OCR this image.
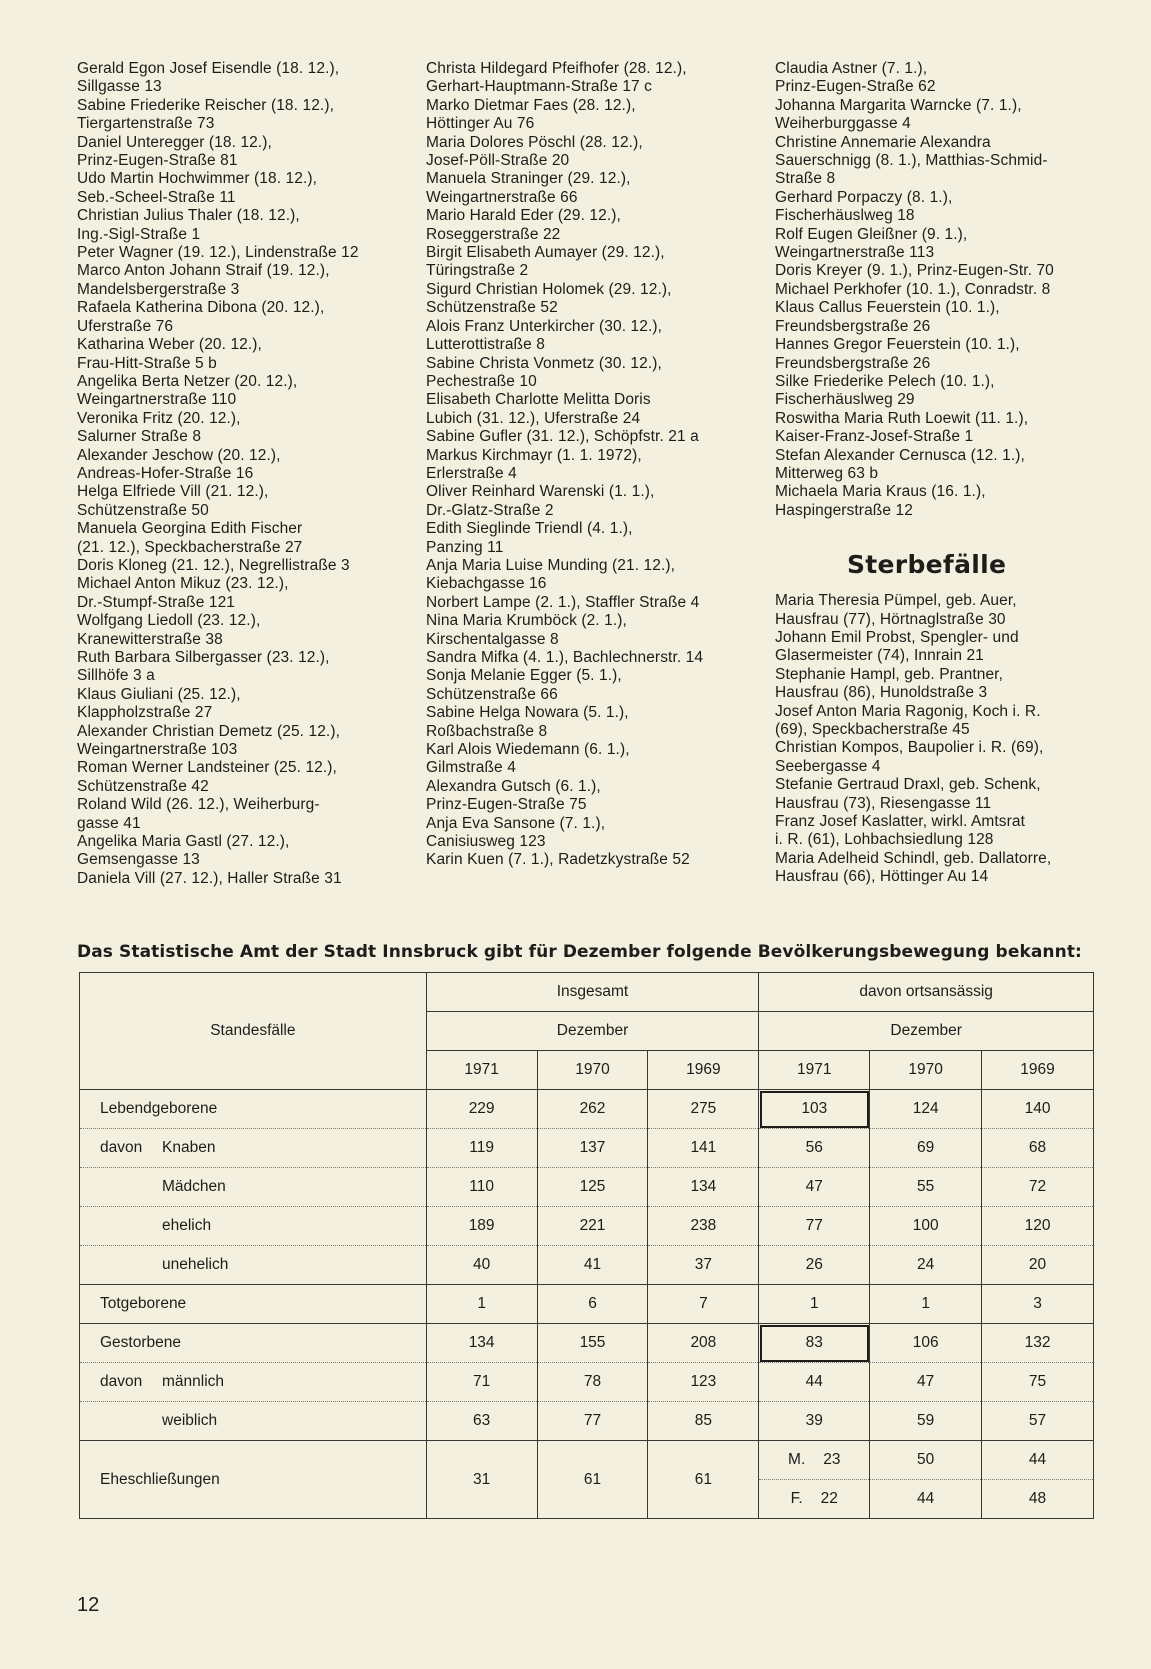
Gerald Egon Josef Eisendle (18. 12.),
Sillgasse 13
Sabine Friederike Reischer (18. 12.),
Tiergartenstraße 73
Daniel Unteregger (18. 12.),
Prinz-Eugen-Straße 81
Udo Martin Hochwimmer (18. 12.),
Seb.-Scheel-Straße 11
Christian Julius Thaler (18. 12.),
Ing.-Sigl-Straße 1
Peter Wagner (19. 12.), Lindenstraße 12
Marco Anton Johann Straif (19. 12.),
Mandelsbergerstraße 3
Rafaela Katherina Dibona (20. 12.),
Uferstraße 76
Katharina Weber (20. 12.),
Frau-Hitt-Straße 5 b
Angelika Berta Netzer (20. 12.),
Weingartnerstraße 110
Veronika Fritz (20. 12.),
Salurner Straße 8
Alexander Jeschow (20. 12.),
Andreas-Hofer-Straße 16
Helga Elfriede Vill (21. 12.),
Schützenstraße 50
Manuela Georgina Edith Fischer
(21. 12.), Speckbacherstraße 27
Doris Kloneg (21. 12.), Negrellistraße 3
Michael Anton Mikuz (23. 12.),
Dr.-Stumpf-Straße 121
Wolfgang Liedoll (23. 12.),
Kranewitterstraße 38
Ruth Barbara Silbergasser (23. 12.),
Sillhöfe 3 a
Klaus Giuliani (25. 12.),
Klappholzstraße 27
Alexander Christian Demetz (25. 12.),
Weingartnerstraße 103
Roman Werner Landsteiner (25. 12.),
Schützenstraße 42
Roland Wild (26. 12.), Weiherburg-
gasse 41
Angelika Maria Gastl (27. 12.),
Gemsengasse 13
Daniela Vill (27. 12.), Haller Straße 31
Christa Hildegard Pfeifhofer (28. 12.),
Gerhart-Hauptmann-Straße 17 c
Marko Dietmar Faes (28. 12.),
Höttinger Au 76
Maria Dolores Pöschl (28. 12.),
Josef-Pöll-Straße 20
Manuela Straninger (29. 12.),
Weingartnerstraße 66
Mario Harald Eder (29. 12.),
Roseggerstraße 22
Birgit Elisabeth Aumayer (29. 12.),
Türingstraße 2
Sigurd Christian Holomek (29. 12.),
Schützenstraße 52
Alois Franz Unterkircher (30. 12.),
Lutterottistraße 8
Sabine Christa Vonmetz (30. 12.),
Pechestraße 10
Elisabeth Charlotte Melitta Doris
Lubich (31. 12.), Uferstraße 24
Sabine Gufler (31. 12.), Schöpfstr. 21 a
Markus Kirchmayr (1. 1. 1972),
Erlerstraße 4
Oliver Reinhard Warenski (1. 1.),
Dr.-Glatz-Straße 2
Edith Sieglinde Triendl (4. 1.),
Panzing 11
Anja Maria Luise Munding (21. 12.),
Kiebachgasse 16
Norbert Lampe (2. 1.), Staffler Straße 4
Nina Maria Krumböck (2. 1.),
Kirschentalgasse 8
Sandra Mifka (4. 1.), Bachlechnerstr. 14
Sonja Melanie Egger (5. 1.),
Schützenstraße 66
Sabine Helga Nowara (5. 1.),
Roßbachstraße 8
Karl Alois Wiedemann (6. 1.),
Gilmstraße 4
Alexandra Gutsch (6. 1.),
Prinz-Eugen-Straße 75
Anja Eva Sansone (7. 1.),
Canisiusweg 123
Karin Kuen (7. 1.), Radetzkystraße 52
Claudia Astner (7. 1.),
Prinz-Eugen-Straße 62
Johanna Margarita Warncke (7. 1.),
Weiherburggasse 4
Christine Annemarie Alexandra
Sauerschnigg (8. 1.), Matthias-Schmid-
Straße 8
Gerhard Porpaczy (8. 1.),
Fischerhäuslweg 18
Rolf Eugen Gleißner (9. 1.),
Weingartnerstraße 113
Doris Kreyer (9. 1.), Prinz-Eugen-Str. 70
Michael Perkhofer (10. 1.), Conradstr. 8
Klaus Callus Feuerstein (10. 1.),
Freundsbergstraße 26
Hannes Gregor Feuerstein (10. 1.),
Freundsbergstraße 26
Silke Friederike Pelech (10. 1.),
Fischerhäuslweg 29
Roswitha Maria Ruth Loewit (11. 1.),
Kaiser-Franz-Josef-Straße 1
Stefan Alexander Cernusca (12. 1.),
Mitterweg 63 b
Michaela Maria Kraus (16. 1.),
Haspingerstraße 12
Sterbefälle
Maria Theresia Pümpel, geb. Auer,
Hausfrau (77), Hörtnaglstraße 30
Johann Emil Probst, Spengler- und
Glasermeister (74), Innrain 21
Stephanie Hampl, geb. Prantner,
Hausfrau (86), Hunoldstraße 3
Josef Anton Maria Ragonig, Koch i. R.
(69), Speckbacherstraße 45
Christian Kompos, Baupolier i. R. (69),
Seebergasse 4
Stefanie Gertraud Draxl, geb. Schenk,
Hausfrau (73), Riesengasse 11
Franz Josef Kaslatter, wirkl. Amtsrat
i. R. (61), Lohbachsiedlung 128
Maria Adelheid Schindl, geb. Dallatorre,
Hausfrau (66), Höttinger Au 14
Das Statistische Amt der Stadt Innsbruck gibt für Dezember folgende Bevölkerungsbewegung bekannt:
Standesfälle	Insgesamt			davon ortsansässig		
	Dezember			Dezember		
	1971	1970	1969	1971	1970	1969
Lebendgeborene	229	262	275	103	124	140
davon Knaben	119	137	141	56	69	68
Mädchen	110	125	134	47	55	72
ehelich	189	221	238	77	100	120
unehelich	40	41	37	26	24	20
Totgeborene	1	6	7	1	1	3
Gestorbene	134	155	208	83	106	132
davon männlich	71	78	123	44	47	75
weiblich	63	77	85	39	59	57
Eheschließungen	31	61	61	M. 23	50	44

				F. 22	44	48
12
